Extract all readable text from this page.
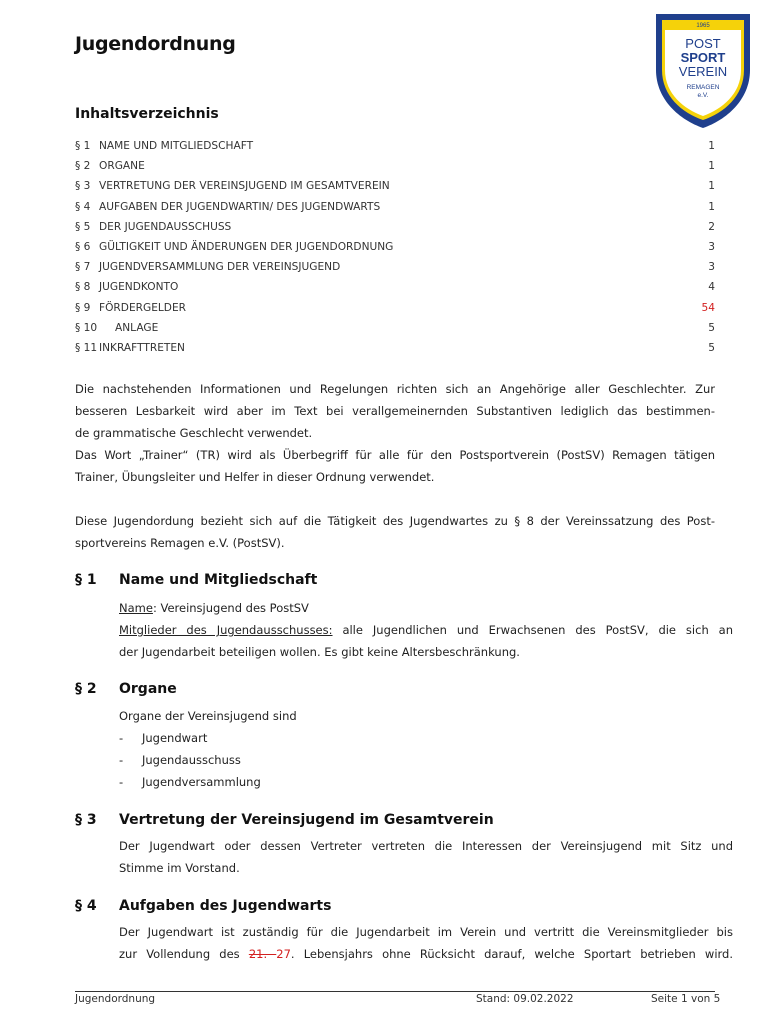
Jugendordnung
1965
POST
SPORT
VEREIN
REMAGEN
e.V.
Inhaltsverzeichnis
§ 1 NAME UND MITGLIEDSCHAFT	1
§ 2 ORGANE	1
§ 3 VERTRETUNG DER VEREINSJUGEND IM GESAMTVEREIN	1
§ 4 AUFGABEN DER JUGENDWARTIN/ DES JUGENDWARTS	1
§ 5 DER JUGENDAUSSCHUSS	2
§ 6 GÜLTIGKEIT UND ÄNDERUNGEN DER JUGENDORDNUNG	3
§ 7 JUGENDVERSAMMLUNG DER VEREINSJUGEND	3
§ 8 JUGENDKONTO	4
§ 9 FÖRDERGELDER	54
§ 10 ANLAGE	5
§ 11 INKRAFTTRETEN	5
Die nachstehenden Informationen und Regelungen richten sich an Angehörige aller Geschlechter. Zur
besseren Lesbarkeit wird aber im Text bei verallgemeinernden Substantiven lediglich das bestimmen-
de grammatische Geschlecht verwendet.
Das Wort „Trainer“ (TR) wird als Überbegriff für alle für den Postsportverein (PostSV) Remagen tätigen
Trainer, Übungsleiter und Helfer in dieser Ordnung verwendet.
Diese Jugendordung bezieht sich auf die Tätigkeit des Jugendwartes zu § 8 der Vereinssatzung des Post-
sportvereins Remagen e.V. (PostSV).
§ 1 Name und Mitgliedschaft
Name: Vereinsjugend des PostSV
Mitglieder des Jugendausschusses: alle Jugendlichen und Erwachsenen des PostSV, die sich an
der Jugendarbeit beteiligen wollen. Es gibt keine Altersbeschränkung.
§ 2 Organe
Organe der Vereinsjugend sind
- Jugendwart
- Jugendausschuss
- Jugendversammlung
§ 3 Vertretung der Vereinsjugend im Gesamtverein
Der Jugendwart oder dessen Vertreter vertreten die Interessen der Vereinsjugend mit Sitz und
Stimme im Vorstand.
§ 4 Aufgaben des Jugendwarts
Der Jugendwart ist zuständig für die Jugendarbeit im Verein und vertritt die Vereinsmitglieder bis
zur Vollendung des 21. 27. Lebensjahrs ohne Rücksicht darauf, welche Sportart betrieben wird.
Jugendordnung	Stand: 09.02.2022	Seite 1 von 5
